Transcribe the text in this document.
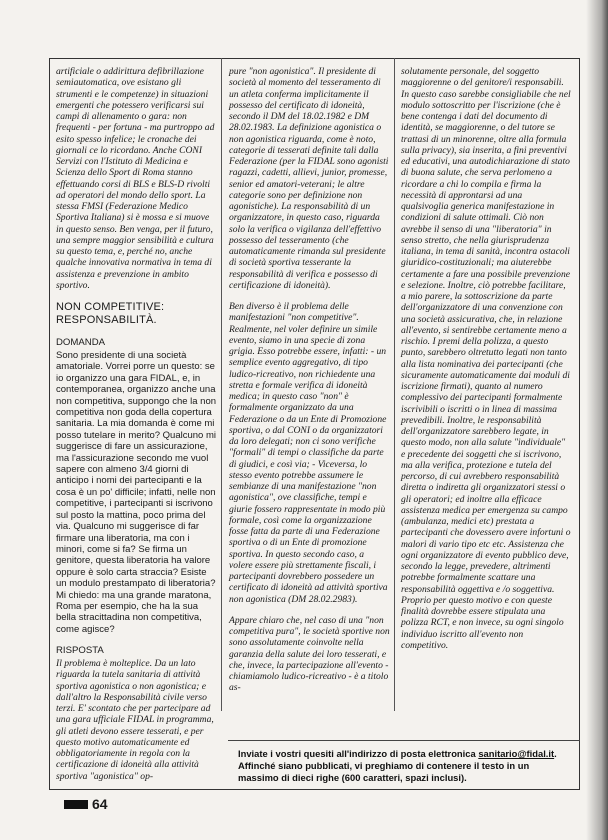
artificiale o addirittura defibrillazione semiautomatica, ove esistano gli strumenti e le competenze) in situazioni emergenti che potessero verificarsi sui campi di allenamento o gara: non frequenti - per fortuna - ma purtroppo ad esito spesso infelice; le cronache dei giornali ce lo ricordano. Anche CONI Servizi con l'Istituto di Medicina e Scienza dello Sport di Roma stanno effettuando corsi di BLS e BLS-D rivolti ad operatori del mondo dello sport. La stessa FMSI (Federazione Medico Sportiva Italiana) si è mossa e si muove in questo senso. Ben venga, per il futuro, una sempre maggior sensibilità e cultura su questo tema, e, perché no, anche qualche innovativa normativa in tema di assistenza e prevenzione in ambito sportivo.

NON COMPETITIVE:
RESPONSABILITÀ.
DOMANDA

Sono presidente di una società amatoriale. Vorrei porre un questo: se io organizzo una gara FIDAL, e, in contemporanea, organizzo anche una non competitiva, suppongo che la non competitiva non goda della copertura sanitaria. La mia domanda è come mi posso tutelare in merito? Qualcuno mi suggerisce di fare un assicurazione, ma l'assicurazione secondo me vuol sapere con almeno 3/4 giorni di anticipo i nomi dei partecipanti e la cosa è un po' difficile; infatti, nelle non competitive, i partecipanti si iscrivono sul posto la mattina, poco prima del via. Qualcuno mi suggerisce di far firmare una liberatoria, ma con i minori, come si fa? Se firma un genitore, questa liberatoria ha valore oppure è solo carta straccia? Esiste un modulo prestampato di liberatoria? Mi chiedo: ma una grande maratona, Roma per esempio, che ha la sua bella stracittadina non competitiva, come agisce?

RISPOSTA

Il problema è molteplice. Da un lato riguarda la tutela sanitaria di attività sportiva agonistica o non agonistica; e dall'altro la Responsabilità civile verso terzi. E' scontato che per partecipare ad una gara ufficiale FIDAL in programma, gli atleti devono essere tesserati, e per questo motivo automaticamente ed obbligatoriamente in regola con la certificazione di idoneità alla attività sportiva "agonistica" op-

pure "non agonistica". Il presidente di società al momento del tesseramento di un atleta conferma implicitamente il possesso del certificato di idoneità, secondo il DM del 18.02.1982 e DM 28.02.1983. La definizione agonistica o non agonistica riguarda, come è noto, categorie di tesserati definite tali dalla Federazione (per la FIDAL sono agonisti ragazzi, cadetti, allievi, junior, promesse, senior ed amatori-veterani; le altre categorie sono per definizione non agonistiche). La responsabilità di un organizzatore, in questo caso, riguarda solo la verifica o vigilanza dell'effettivo possesso del tesseramento (che automaticamente rimanda sul presidente di società sportiva tesserante la responsabilità di verifica e possesso di certificazione di idoneità).

Ben diverso è il problema delle manifestazioni "non competitive". Realmente, nel voler definire un simile evento, siamo in una specie di zona grigia. Esso potrebbe essere, infatti: - un semplice evento aggregativo, di tipo ludico-ricreativo, non richiedente una stretta e formale verifica di idoneità medica; in questo caso "non" è formalmente organizzato da una Federazione o da un Ente di Promozione sportiva, o dal CONI o da organizzatori da loro delegati; non ci sono verifiche "formali" di tempi o classifiche da parte di giudici, e così via; - Viceversa, lo stesso evento potrebbe assumere le sembianze di una manifestazione "non agonistica", ove classifiche, tempi e giurie fossero rappresentate in modo più formale, così come la organizzazione fosse fatta da parte di una Federazione sportiva o di un Ente di promozione sportiva. In questo secondo caso, a volere essere più strettamente fiscali, i partecipanti dovrebbero possedere un certificato di idoneità ad attività sportiva non agonistica (DM 28.02.2983).

Appare chiaro che, nel caso di una "non competitiva pura", le società sportive non sono assolutamente coinvolte nella garanzia della salute dei loro tesserati, e che, invece, la partecipazione all'evento - chiamiamolo ludico-ricreativo - è a titolo as-

solutamente personale, del soggetto maggiorenne o del genitore/i responsabili. In questo caso sarebbe consigliabile che nel modulo sottoscritto per l'iscrizione (che è bene contenga i dati del documento di identità, se maggiorenne, o del tutore se trattasi di un minorenne, oltre alla formula sulla privacy), sia inserita, a fini preventivi ed educativi, una autodichiarazione di stato di buona salute, che serva perlomeno a ricordare a chi lo compila e firma la necessità di approntarsi ad una qualsivoglia generica manifestazione in condizioni di salute ottimali. Ciò non avrebbe il senso di una "liberatoria" in senso stretto, che nella giurisprudenza italiana, in tema di sanità, incontra ostacoli giuridico-costituzionali; ma aiuterebbe certamente a fare una possibile prevenzione e selezione. Inoltre, ciò potrebbe facilitare, a mio parere, la sottoscrizione da parte dell'organizzatore di una convenzione con una società assicurativa, che, in relazione all'evento, si sentirebbe certamente meno a rischio. I premi della polizza, a questo punto, sarebbero oltretutto legati non tanto alla lista nominativa dei partecipanti (che sicuramente automaticamente dai moduli di iscrizione firmati), quanto al numero complessivo dei partecipanti formalmente iscrivibili o iscritti o in linea di massima prevedibili. Inoltre, le responsabilità dell'organizzatore sarebbero legate, in questo modo, non alla salute "individuale" e precedente dei soggetti che si iscrivono, ma alla verifica, protezione e tutela del percorso, di cui avrebbero responsabilità diretta o indiretta gli organizzatori stessi o gli operatori; ed inoltre alla efficace assistenza medica per emergenza su campo (ambulanza, medici etc) prestata a partecipanti che dovessero avere infortuni o malori di vario tipo etc etc. Assistenza che ogni organizzatore di evento pubblico deve, secondo la legge, prevedere, altrimenti potrebbe formalmente scattare una responsabilità oggettiva e /o soggettiva. Proprio per questo motivo e con queste finalità dovrebbe essere stipulata una polizza RCT, e non invece, su ogni singolo individuo iscritto all'evento non competitivo.

Inviate i vostri quesiti all'indirizzo di posta elettronica sanitario@fidal.it. Affinché siano pubblicati, vi preghiamo di contenere il testo in un massimo di dieci righe (600 caratteri, spazi inclusi).

64
